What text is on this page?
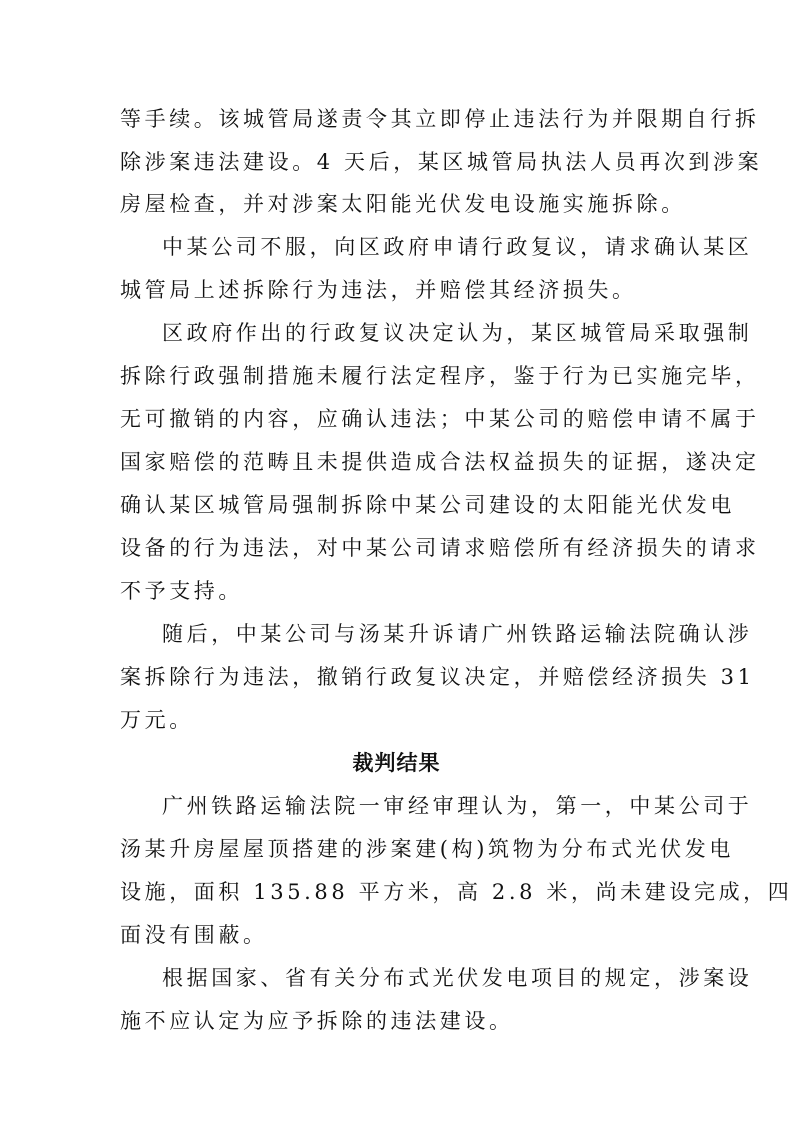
等手续。该城管局遂责令其立即停止违法行为并限期自行拆
除涉案违法建设。4 天后，某区城管局执法人员再次到涉案
房屋检查，并对涉案太阳能光伏发电设施实施拆除。
中某公司不服，向区政府申请行政复议，请求确认某区
城管局上述拆除行为违法，并赔偿其经济损失。
区政府作出的行政复议决定认为，某区城管局采取强制
拆除行政强制措施未履行法定程序，鉴于行为已实施完毕，
无可撤销的内容，应确认违法；中某公司的赔偿申请不属于
国家赔偿的范畴且未提供造成合法权益损失的证据，遂决定
确认某区城管局强制拆除中某公司建设的太阳能光伏发电
设备的行为违法，对中某公司请求赔偿所有经济损失的请求
不予支持。
随后，中某公司与汤某升诉请广州铁路运输法院确认涉
案拆除行为违法，撤销行政复议决定，并赔偿经济损失 31
万元。
裁判结果
广州铁路运输法院一审经审理认为，第一，中某公司于
汤某升房屋屋顶搭建的涉案建(构)筑物为分布式光伏发电
设施，面积 135.88 平方米，高 2.8 米，尚未建设完成，四
面没有围蔽。
根据国家、省有关分布式光伏发电项目的规定，涉案设
施不应认定为应予拆除的违法建设。
